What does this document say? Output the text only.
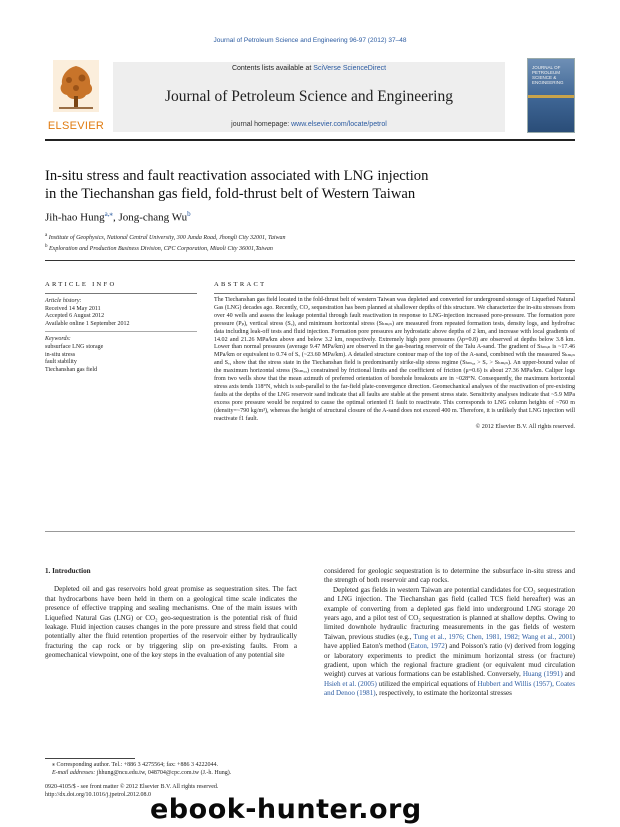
Journal of Petroleum Science and Engineering 96-97 (2012) 37–48
ELSEVIER
Contents lists available at SciVerse ScienceDirect
Journal of Petroleum Science and Engineering
journal homepage: www.elsevier.com/locate/petrol
JOURNAL OF PETROLEUM SCIENCE & ENGINEERING
In-situ stress and fault reactivation associated with LNG injection
in the Tiechanshan gas field, fold-thrust belt of Western Taiwan
Jih-hao Hung$^{a,⁎}$, Jong-chang Wu$^b$
$^a$ Institute of Geophysics, National Central University, 300 Junda Road, Jhongli City 32001, Taiwan
$^b$ Exploration and Production Business Division, CPC Corporation, Miaoli City 36001,Taiwan
ARTICLE INFO	ABSTRACT
Article history:
Received 14 May 2011
Accepted 6 August 2012
Available online 1 September 2012
Keywords:
subsurface LNG storage
in-situ stress
fault stability
Tiechanshan gas field

The Tiechanshan gas field located in the fold-thrust belt of western Taiwan was depleted and converted for underground storage of Liquefied Natural Gas (LNG) decades ago. Recently, CO₂ sequestration has been planned at shallower depths of this structure. We characterize the in-situ stresses from over 40 wells and assess the leakage potential through fault reactivation in response to LNG-injection increased pore-pressure. The formation pore pressure (Pₚ), vertical stress (Sᵥ), and minimum horizontal stress (Sₕₘᵢₙ) are measured from repeated formation tests, density logs, and hydrofrac data including leak-off tests and fluid injection. Formation pore pressures are hydrostatic above depths of 2 km, and increase with local gradients of 14.02 and 21.26 MPa/km above and below 3.2 km, respectively. Extremely high pore pressures (λp=0.8) are observed at depths below 3.8 km. Lower than normal pressures (average 9.47 MPa/km) are observed in the gas-bearing reservoir of the Talu A-sand. The gradient of Sₕₘᵢₙ is ~17.46 MPa/km or equivalent to 0.74 of Sᵥ (~23.60 MPa/km). A detailed structure contour map of the top of the A-sand, combined with the measured Sₕₘᵢₙ and Sᵥ, show that the stress state in the Tiechanshan field is predominantly strike-slip stress regime (Sₕₘₐₓ > Sᵥ > Sₕₘᵢₙ). An upper-bound value of the maximum horizontal stress (Sₕₘₐₓ) constrained by frictional limits and the coefficient of friction (μ=0.6) is about 27.36 MPa/km. Caliper logs from two wells show that the mean azimuth of preferred orientation of borehole breakouts are in ~028°N. Consequently, the maximum horizontal stress axis tends 118°N, which is sub-parallel to the far-field plate-convergence direction. Geomechanical analyses of the reactivation of pre-existing faults at the depths of the LNG reservoir sand indicate that all faults are stable at the present stress state. Sensitivity analyses indicate that ~5.9 MPa excess pore pressure would be required to cause the optimal oriented f1 fault to reactivate. This corresponds to LNG column heights of ~760 m (density=~790 kg/m³), whereas the height of structural closure of the A-sand does not exceed 400 m. Therefore, it is unlikely that LNG injection will reactivate f1 fault.

© 2012 Elsevier B.V. All rights reserved.
1. Introduction

Depleted oil and gas reservoirs hold great promise as sequestration sites. The fact that hydrocarbons have been held in them on a geological time scale indicates the presence of effective trapping and sealing mechanisms. One of the main issues with Liquefied Natural Gas (LNG) or CO₂ geo-sequestration is the potential risk of fluid leakage. Fluid injection causes changes in the pore pressure and stress field that could potentially alter the fluid retention properties of the reservoir either by hydraulically fracturing the cap rock or by triggering slip on pre-existing faults. From a geomechanical viewpoint, one of the key steps in the evaluation of any potential site

considered for geologic sequestration is to determine the subsurface in-situ stress and the strength of both reservoir and cap rocks.

Depleted gas fields in western Taiwan are potential candidates for CO₂ sequestration and LNG injection. The Tiechanshan gas field (called TCS field hereafter) was an example of converting from a depleted gas field into underground LNG storage 20 years ago, and a pilot test of CO₂ sequestration is planned at shallow depths. Owing to limited downhole hydraulic fracturing measurements in the gas fields of western Taiwan, previous studies (e.g., Tung et al., 1976; Chen, 1981, 1982; Wang et al., 2001) have applied Eaton's method (Eaton, 1972) and Poisson's ratio (ν) derived from logging or laboratory experiments to predict the minimum horizontal stress (or fracture) gradient, upon which the regional fracture gradient (or equivalent mud circulation weight) curves at various formations can be established. Conversely, Huang (1991) and Hsieh et al. (2005) utilized the empirical equations of Hubbert and Willis (1957), Coates and Denoo (1981), respectively, to estimate the horizontal stresses

⁎ Corresponding author. Tel.: +886 3 4275564; fax: +886 3 4222044.
E-mail addresses: jhhung@ncu.edu.tw, 048704@cpc.com.tw (J.-h. Hung).
0920-4105/$ - see front matter © 2012 Elsevier B.V. All rights reserved.
http://dx.doi.org/10.1016/j.jpetrol.2012.08.0
ebook-hunter.org
